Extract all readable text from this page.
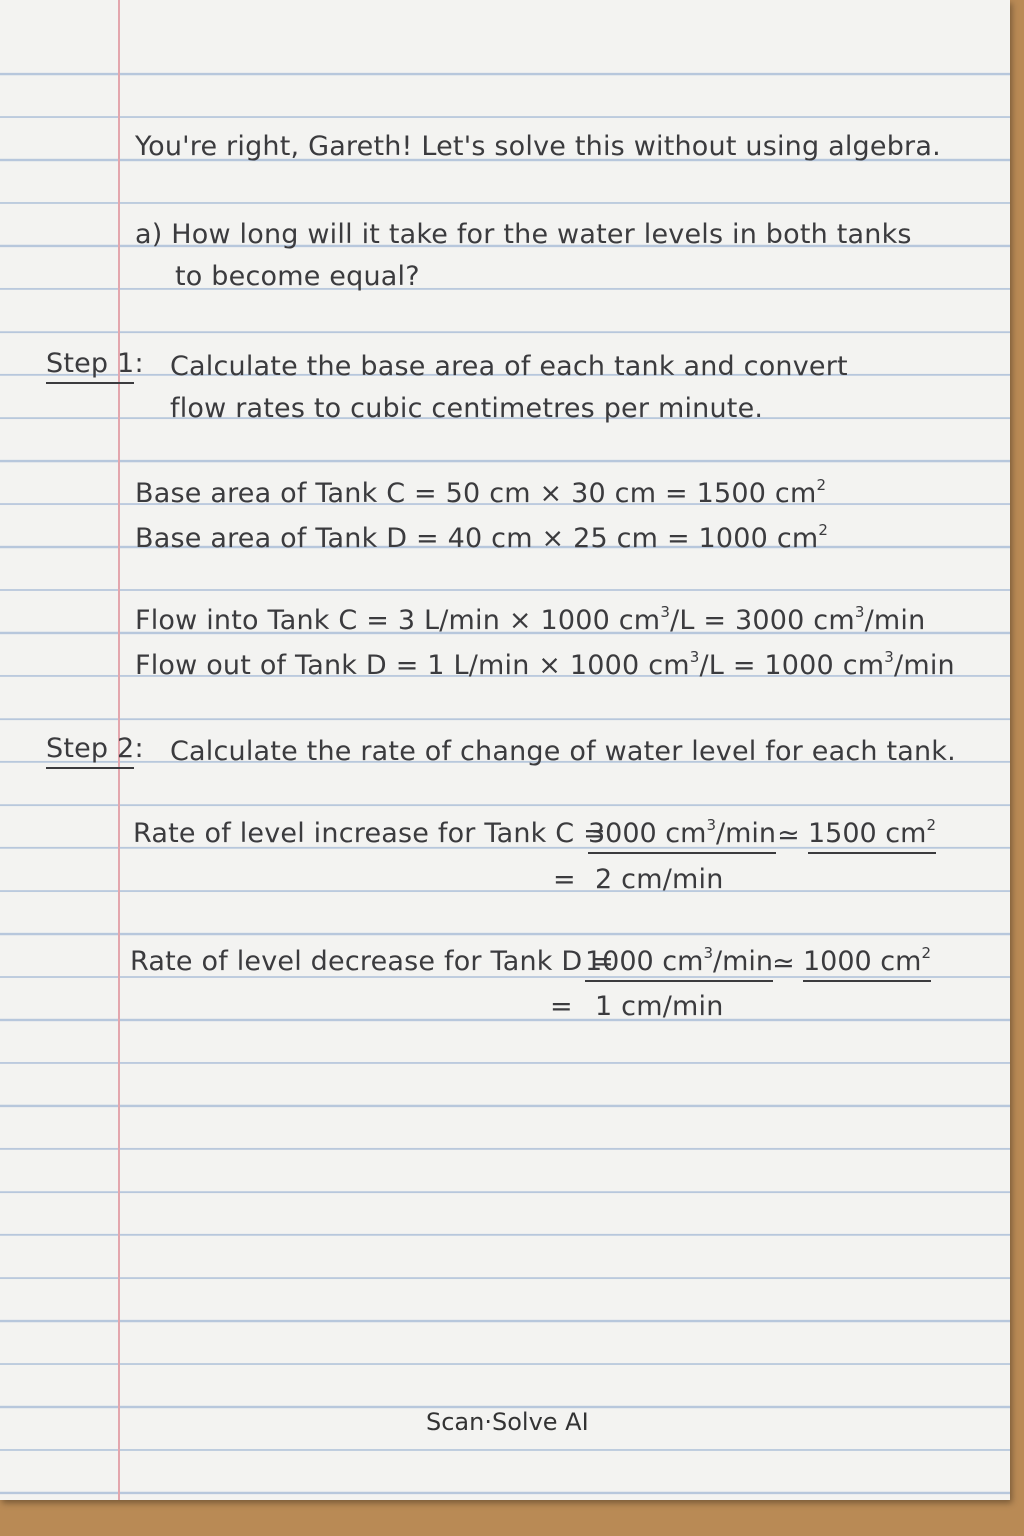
You're right, Gareth! Let's solve this without using algebra.
a) How long will it take for the water levels in both tanks
to become equal?
Step 1: Calculate the base area of each tank and convert
flow rates to cubic centimetres per minute.
Base area of Tank C = 50 cm × 30 cm = 1500 $cm^2$
Base area of Tank D = 40 cm × 25 cm = 1000 $cm^2$
Flow into Tank C = 3 L/min × 1000 $cm^3/L = 3000$ $cm^3/\min$
Flow out of Tank D = 1 L/min × 1000 $cm^3/L = 1000$ $cm^3/\min$
Step 2: Calculate the rate of change of water level for each tank.
Rate of level increase for Tank C =
3000 $cm^3/\min$ ≃ 1500 $cm^2$
= 2 cm/min
Rate of level decrease for Tank D =
1000 $cm^3/\min$
≃ 1000 $cm^2$
= 1 cm/min
Scan·Solve AI
